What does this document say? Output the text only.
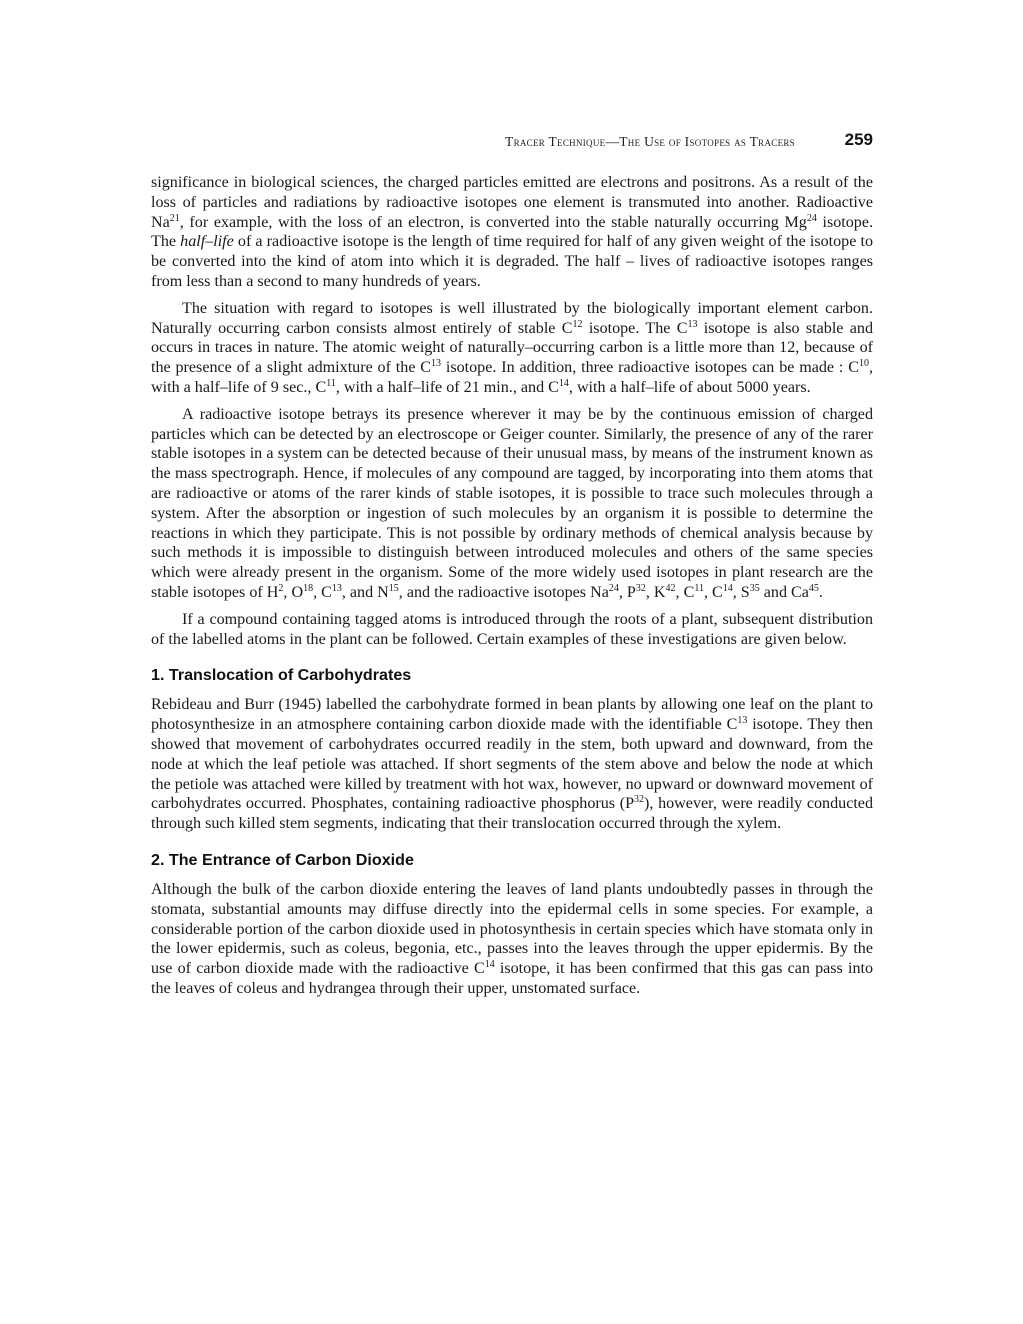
Tracer Technique—The Use of Isotopes as Tracers	259

significance in biological sciences, the charged particles emitted are electrons and positrons. As a result of the loss of particles and radiations by radioactive isotopes one element is transmuted into another. Radioactive Na$^{21}$, for example, with the loss of an electron, is converted into the stable naturally occurring Mg$^{24}$ isotope. The half–life of a radioactive isotope is the length of time required for half of any given weight of the isotope to be converted into the kind of atom into which it is degraded. The half – lives of radioactive isotopes ranges from less than a second to many hundreds of years.

The situation with regard to isotopes is well illustrated by the biologically important element carbon. Naturally occurring carbon consists almost entirely of stable $C^{12}$ isotope. The $C^{13}$ isotope is also stable and occurs in traces in nature. The atomic weight of naturally–occurring carbon is a little more than 12, because of the presence of a slight admixture of the $C^{13}$ isotope. In addition, three radioactive isotopes can be made : $C^{10}$, with a half–life of 9 sec., $C^{11}$, with a half–life of 21 min., and $C^{14}$, with a half–life of about 5000 years.

A radioactive isotope betrays its presence wherever it may be by the continuous emission of charged particles which can be detected by an electroscope or Geiger counter. Similarly, the presence of any of the rarer stable isotopes in a system can be detected because of their unusual mass, by means of the instrument known as the mass spectrograph. Hence, if molecules of any compound are tagged, by incorporating into them atoms that are radioactive or atoms of the rarer kinds of stable isotopes, it is possible to trace such molecules through a system. After the absorption or ingestion of such molecules by an organism it is possible to determine the reactions in which they participate. This is not possible by ordinary methods of chemical analysis because by such methods it is impossible to distinguish between introduced molecules and others of the same species which were already present in the organism. Some of the more widely used isotopes in plant research are the stable isotopes of $H^2$, $O^{18}$, $C^{13}$, and $N^{15}$, and the radioactive isotopes Na$^{24}$, $P^{32}$, $K^{42}$, $C^{11}$, $C^{14}$, $S^{35}$ and Ca$^{45}$.

If a compound containing tagged atoms is introduced through the roots of a plant, subsequent distribution of the labelled atoms in the plant can be followed. Certain examples of these investigations are given below.

1. Translocation of Carbohydrates

Rebideau and Burr (1945) labelled the carbohydrate formed in bean plants by allowing one leaf on the plant to photosynthesize in an atmosphere containing carbon dioxide made with the identifiable $C^{13}$ isotope. They then showed that movement of carbohydrates occurred readily in the stem, both upward and downward, from the node at which the leaf petiole was attached. If short segments of the stem above and below the node at which the petiole was attached were killed by treatment with hot wax, however, no upward or downward movement of carbohydrates occurred. Phosphates, containing radioactive phosphorus $(P^{32})$, however, were readily conducted through such killed stem segments, indicating that their translocation occurred through the xylem.

2. The Entrance of Carbon Dioxide

Although the bulk of the carbon dioxide entering the leaves of land plants undoubtedly passes in through the stomata, substantial amounts may diffuse directly into the epidermal cells in some species. For example, a considerable portion of the carbon dioxide used in photosynthesis in certain species which have stomata only in the lower epidermis, such as coleus, begonia, etc., passes into the leaves through the upper epidermis. By the use of carbon dioxide made with the radioactive $C^{14}$ isotope, it has been confirmed that this gas can pass into the leaves of coleus and hydrangea through their upper, unstomated surface.
